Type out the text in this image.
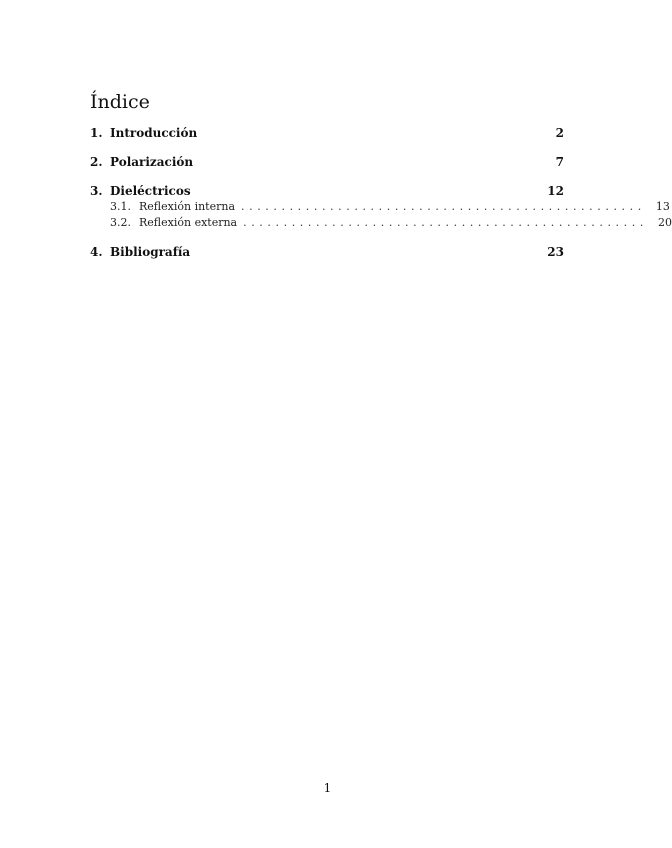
Índice
1. Introducción	2
2. Polarización	7
3. Dieléctricos	12
3.1. Reflexión interna .................................................. 13
3.2. Reflexión externa .................................................. 20
4. Bibliografía	23
1
